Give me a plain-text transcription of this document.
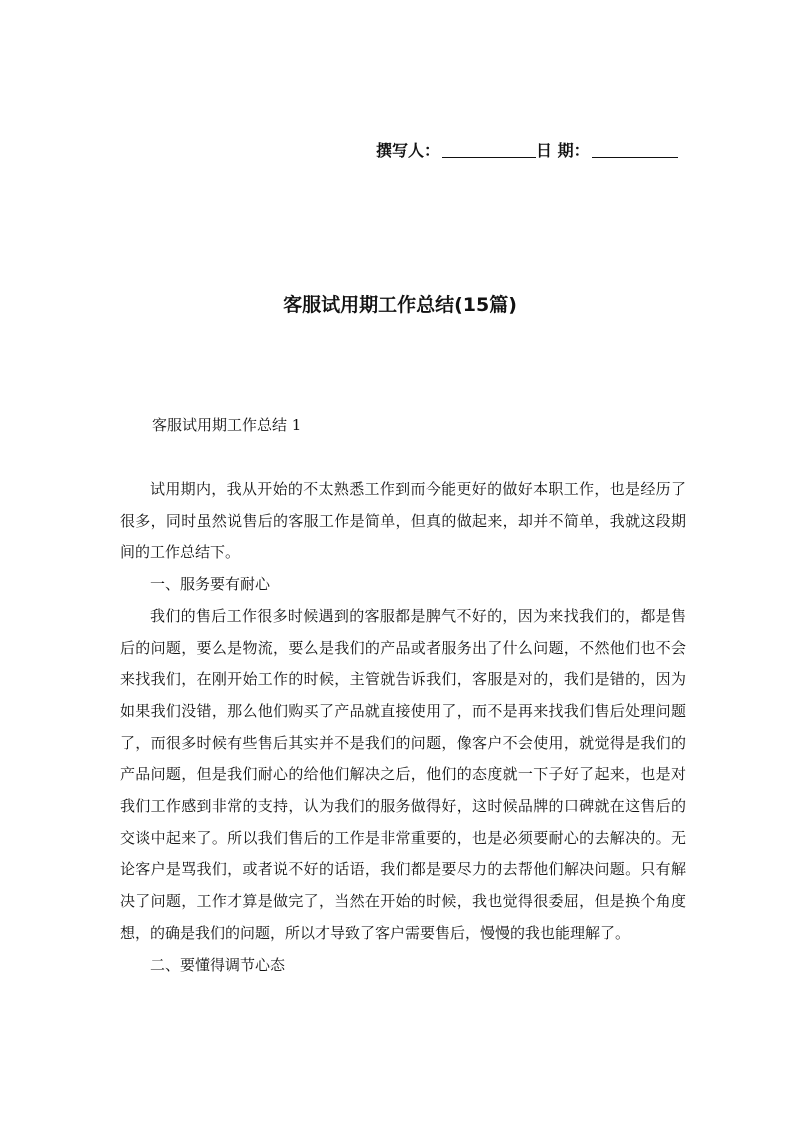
撰写人：	日 期：
客服试用期工作总结(15篇)
客服试用期工作总结 1

试用期内，我从开始的不太熟悉工作到而今能更好的做好本职工作，也是经历了很多，同时虽然说售后的客服工作是简单，但真的做起来，却并不简单，我就这段期间的工作总结下。

一、服务要有耐心

我们的售后工作很多时候遇到的客服都是脾气不好的，因为来找我们的，都是售后的问题，要么是物流，要么是我们的产品或者服务出了什么问题，不然他们也不会来找我们，在刚开始工作的时候，主管就告诉我们，客服是对的，我们是错的，因为如果我们没错，那么他们购买了产品就直接使用了，而不是再来找我们售后处理问题了，而很多时候有些售后其实并不是我们的问题，像客户不会使用，就觉得是我们的产品问题，但是我们耐心的给他们解决之后，他们的态度就一下子好了起来，也是对我们工作感到非常的支持，认为我们的服务做得好，这时候品牌的口碑就在这售后的交谈中起来了。所以我们售后的工作是非常重要的，也是必须要耐心的去解决的。无论客户是骂我们，或者说不好的话语，我们都是要尽力的去帮他们解决问题。只有解决了问题，工作才算是做完了，当然在开始的时候，我也觉得很委屈，但是换个角度想，的确是我们的问题，所以才导致了客户需要售后，慢慢的我也能理解了。

二、要懂得调节心态
